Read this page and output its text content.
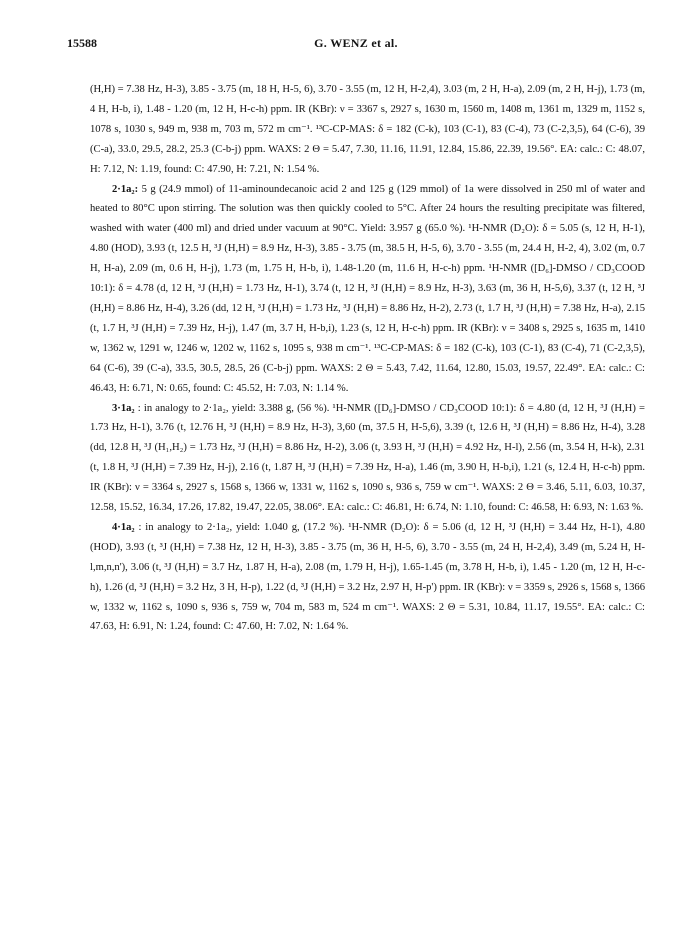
15588	G. WENZ et al.

(H,H) = 7.38 Hz, H-3), 3.85 - 3.75 (m, 18 H, H-5, 6), 3.70 - 3.55 (m, 12 H, H-2,4), 3.03 (m, 2 H, H-a), 2.09 (m, 2 H, H-j), 1.73 (m, 4 H, H-b, i), 1.48 - 1.20 (m, 12 H, H-c-h) ppm. IR (KBr): ν = 3367 s, 2927 s, 1630 m, 1560 m, 1408 m, 1361 m, 1329 m, 1152 s, 1078 s, 1030 s, 949 m, 938 m, 703 m, 572 m cm⁻¹. ¹³C-CP-MAS: δ = 182 (C-k), 103 (C-1), 83 (C-4), 73 (C-2,3,5), 64 (C-6), 39 (C-a), 33.0, 29.5, 28.2, 25.3 (C-b-j) ppm. WAXS: 2 Θ = 5.47, 7.30, 11.16, 11.91, 12.84, 15.86, 22.39, 19.56°. EA: calc.: C: 48.07, H: 7.12, N: 1.19, found: C: 47.90, H: 7.21, N: 1.54 %.

2·1a₂: 5 g (24.9 mmol) of 11-aminoundecanoic acid 2 and 125 g (129 mmol) of 1a were dissolved in 250 ml of water and heated to 80°C upon stirring. The solution was then quickly cooled to 5°C. After 24 hours the resulting precipitate was filtered, washed with water (400 ml) and dried under vacuum at 90°C. Yield: 3.957 g (65.0 %). ¹H-NMR (D₂O): δ = 5.05 (s, 12 H, H-1), 4.80 (HOD), 3.93 (t, 12.5 H, ³J (H,H) = 8.9 Hz, H-3), 3.85 - 3.75 (m, 38.5 H, H-5, 6), 3.70 - 3.55 (m, 24.4 H, H-2, 4), 3.02 (m, 0.7 H, H-a), 2.09 (m, 0.6 H, H-j), 1.73 (m, 1.75 H, H-b, i), 1.48-1.20 (m, 11.6 H, H-c-h) ppm. ¹H-NMR ([D₆]-DMSO / CD₃COOD 10:1): δ = 4.78 (d, 12 H, ³J (H,H) = 1.73 Hz, H-1), 3.74 (t, 12 H, ³J (H,H) = 8.9 Hz, H-3), 3.63 (m, 36 H, H-5,6), 3.37 (t, 12 H, ³J (H,H) = 8.86 Hz, H-4), 3.26 (dd, 12 H, ³J (H,H) = 1.73 Hz, ³J (H,H) = 8.86 Hz, H-2), 2.73 (t, 1.7 H, ³J (H,H) = 7.38 Hz, H-a), 2.15 (t, 1.7 H, ³J (H,H) = 7.39 Hz, H-j), 1.47 (m, 3.7 H, H-b,i), 1.23 (s, 12 H, H-c-h) ppm. IR (KBr): ν = 3408 s, 2925 s, 1635 m, 1410 w, 1362 w, 1291 w, 1246 w, 1202 w, 1162 s, 1095 s, 938 m cm⁻¹. ¹³C-CP-MAS: δ = 182 (C-k), 103 (C-1), 83 (C-4), 71 (C-2,3,5), 64 (C-6), 39 (C-a), 33.5, 30.5, 28.5, 26 (C-b-j) ppm. WAXS: 2 Θ = 5.43, 7.42, 11.64, 12.80, 15.03, 19.57, 22.49°. EA: calc.: C: 46.43, H: 6.71, N: 0.65, found: C: 45.52, H: 7.03, N: 1.14 %.

3·1a₂ : in analogy to 2·1a₂, yield: 3.388 g, (56 %). ¹H-NMR ([D₆]-DMSO / CD₃COOD 10:1): δ = 4.80 (d, 12 H, ³J (H,H) = 1.73 Hz, H-1), 3.76 (t, 12.76 H, ³J (H,H) = 8.9 Hz, H-3), 3,60 (m, 37.5 H, H-5,6), 3.39 (t, 12.6 H, ³J (H,H) = 8.86 Hz, H-4), 3.28 (dd, 12.8 H, ³J (H₁,H₂) = 1.73 Hz, ³J (H,H) = 8.86 Hz, H-2), 3.06 (t, 3.93 H, ³J (H,H) = 4.92 Hz, H-l), 2.56 (m, 3.54 H, H-k), 2.31 (t, 1.8 H, ³J (H,H) = 7.39 Hz, H-j), 2.16 (t, 1.87 H, ³J (H,H) = 7.39 Hz, H-a), 1.46 (m, 3.90 H, H-b,i), 1.21 (s, 12.4 H, H-c-h) ppm. IR (KBr): ν = 3364 s, 2927 s, 1568 s, 1366 w, 1331 w, 1162 s, 1090 s, 936 s, 759 w cm⁻¹. WAXS: 2 Θ = 3.46, 5.11, 6.03, 10.37, 12.58, 15.52, 16.34, 17.26, 17.82, 19.47, 22.05, 38.06°. EA: calc.: C: 46.81, H: 6.74, N: 1.10, found: C: 46.58, H: 6.93, N: 1.63 %.

4·1a₂ : in analogy to 2·1a₂, yield: 1.040 g, (17.2 %). ¹H-NMR (D₂O): δ = 5.06 (d, 12 H, ³J (H,H) = 3.44 Hz, H-1), 4.80 (HOD), 3.93 (t, ³J (H,H) = 7.38 Hz, 12 H, H-3), 3.85 - 3.75 (m, 36 H, H-5, 6), 3.70 - 3.55 (m, 24 H, H-2,4), 3.49 (m, 5.24 H, H-l,m,n,n'), 3.06 (t, ³J (H,H) = 3.7 Hz, 1.87 H, H-a), 2.08 (m, 1.79 H, H-j), 1.65-1.45 (m, 3.78 H, H-b, i), 1.45 - 1.20 (m, 12 H, H-c-h), 1.26 (d, ³J (H,H) = 3.2 Hz, 3 H, H-p), 1.22 (d, ³J (H,H) = 3.2 Hz, 2.97 H, H-p') ppm. IR (KBr): ν = 3359 s, 2926 s, 1568 s, 1366 w, 1332 w, 1162 s, 1090 s, 936 s, 759 w, 704 m, 583 m, 524 m cm⁻¹. WAXS: 2 Θ = 5.31, 10.84, 11.17, 19.55°. EA: calc.: C: 47.63, H: 6.91, N: 1.24, found: C: 47.60, H: 7.02, N: 1.64 %.
